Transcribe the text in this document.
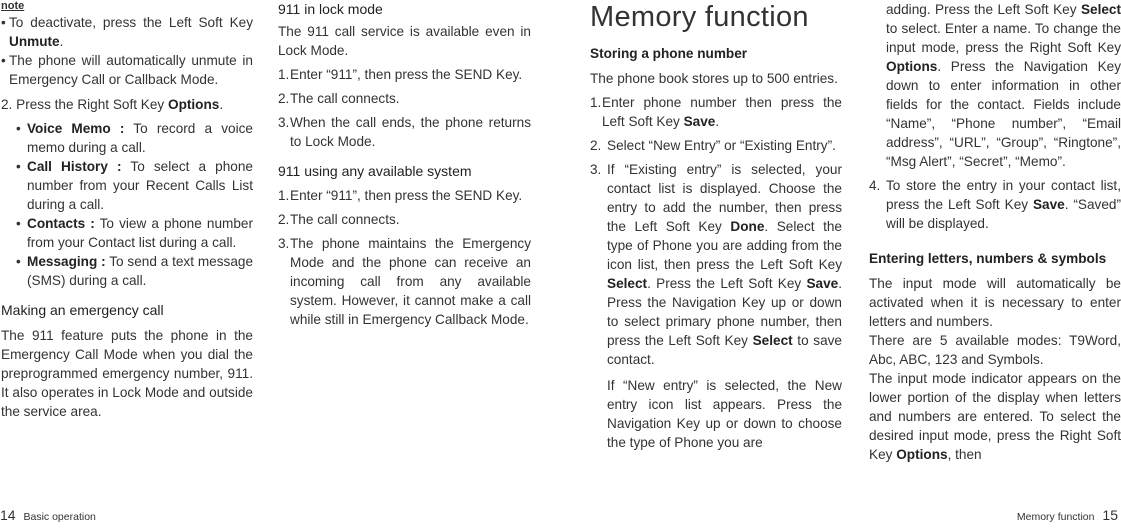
note

• To deactivate, press the Left Soft Key Unmute.

• The phone will automatically unmute in Emergency Call or Callback Mode.

2. Press the Right Soft Key Options.

• Voice Memo : To record a voice memo during a call.

• Call History : To select a phone number from your Recent Calls List during a call.

• Contacts : To view a phone number from your Contact list during a call.

• Messaging : To send a text message (SMS) during a call.

Making an emergency call

The 911 feature puts the phone in the Emergency Call Mode when you dial the preprogrammed emergency number, 911. It also operates in Lock Mode and outside the service area.

911 in lock mode

The 911 call service is available even in Lock Mode.

1. Enter “911”, then press the SEND Key.

2. The call connects.

3. When the call ends, the phone returns to Lock Mode.

911 using any available system

1. Enter “911”, then press the SEND Key.

2. The call connects.

3. The phone maintains the Emergency Mode and the phone can receive an incoming call from any available system. However, it cannot make a call while still in Emergency Callback Mode.

Memory function

Storing a phone number

The phone book stores up to 500 entries.

1. Enter phone number then press the Left Soft Key Save.

2. Select “New Entry” or “Existing Entry”.

3. If “Existing entry” is selected, your contact list is displayed. Choose the entry to add the number, then press the Left Soft Key Done. Select the type of Phone you are adding from the icon list, then press the Left Soft Key Select. Press the Left Soft Key Save. Press the Navigation Key up or down to select primary phone number, then press the Left Soft Key Select to save contact.

If “New entry” is selected, the New entry icon list appears. Press the Navigation Key up or down to choose the type of Phone you are

adding. Press the Left Soft Key Select to select. Enter a name. To change the input mode, press the Right Soft Key Options. Press the Navigation Key down to enter information in other fields for the contact. Fields include “Name”, “Phone number”, “Email address”, “URL”, “Group”, “Ringtone”, “Msg Alert”, “Secret”, “Memo”.

4. To store the entry in your contact list, press the Left Soft Key Save. “Saved” will be displayed.

Entering letters, numbers & symbols

The input mode will automatically be activated when it is necessary to enter letters and numbers.

There are 5 available modes: T9Word, Abc, ABC, 123 and Symbols.

The input mode indicator appears on the lower portion of the display when letters and numbers are entered. To select the desired input mode, press the Right Soft Key Options, then

14 Basic operation	Memory function 15
